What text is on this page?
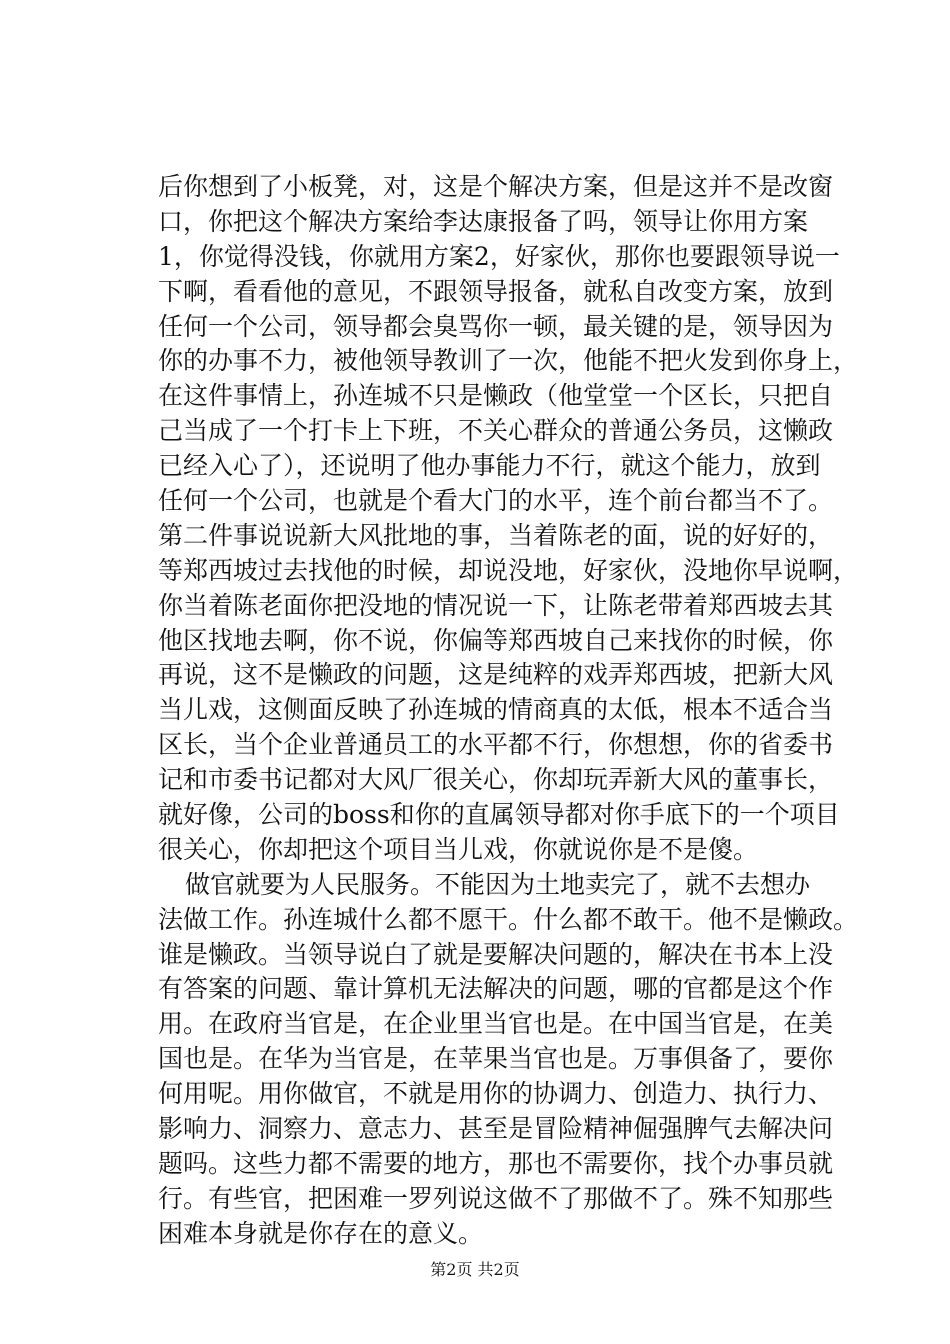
后你想到了小板凳，对，这是个解决方案，但是这并不是改窗
口，你把这个解决方案给李达康报备了吗，领导让你用方案
1，你觉得没钱，你就用方案2，好家伙，那你也要跟领导说一
下啊，看看他的意见，不跟领导报备，就私自改变方案，放到
任何一个公司，领导都会臭骂你一顿，最关键的是，领导因为
你的办事不力，被他领导教训了一次，他能不把火发到你身上，
在这件事情上，孙连城不只是懒政（他堂堂一个区长，只把自
己当成了一个打卡上下班，不关心群众的普通公务员，这懒政
已经入心了），还说明了他办事能力不行，就这个能力，放到
任何一个公司，也就是个看大门的水平，连个前台都当不了。
第二件事说说新大风批地的事，当着陈老的面，说的好好的，
等郑西坡过去找他的时候，却说没地，好家伙，没地你早说啊，
你当着陈老面你把没地的情况说一下，让陈老带着郑西坡去其
他区找地去啊，你不说，你偏等郑西坡自己来找你的时候，你
再说，这不是懒政的问题，这是纯粹的戏弄郑西坡，把新大风
当儿戏，这侧面反映了孙连城的情商真的太低，根本不适合当
区长，当个企业普通员工的水平都不行，你想想，你的省委书
记和市委书记都对大风厂很关心，你却玩弄新大风的董事长，
就好像，公司的boss和你的直属领导都对你手底下的一个项目
很关心，你却把这个项目当儿戏，你就说你是不是傻。
做官就要为人民服务。不能因为土地卖完了，就不去想办
法做工作。孙连城什么都不愿干。什么都不敢干。他不是懒政。
谁是懒政。当领导说白了就是要解决问题的，解决在书本上没
有答案的问题、靠计算机无法解决的问题，哪的官都是这个作
用。在政府当官是，在企业里当官也是。在中国当官是，在美
国也是。在华为当官是，在苹果当官也是。万事俱备了，要你
何用呢。用你做官，不就是用你的协调力、创造力、执行力、
影响力、洞察力、意志力、甚至是冒险精神倔强脾气去解决问
题吗。这些力都不需要的地方，那也不需要你，找个办事员就
行。有些官，把困难一罗列说这做不了那做不了。殊不知那些
困难本身就是你存在的意义。
第2页 共2页
